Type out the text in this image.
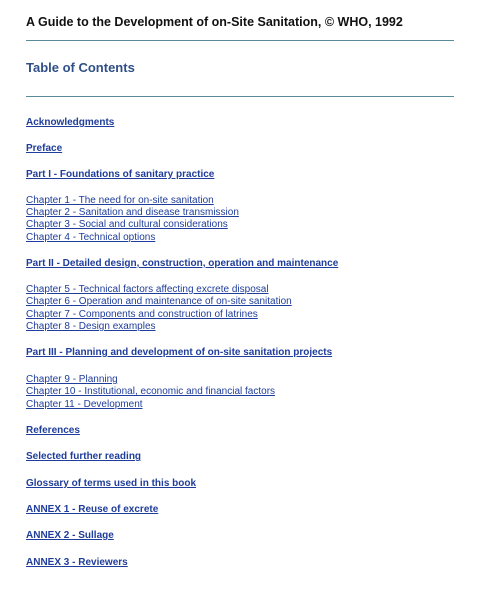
A Guide to the Development of on-Site Sanitation, © WHO, 1992
Table of Contents
Acknowledgments
Preface
Part I - Foundations of sanitary practice
Chapter 1 - The need for on-site sanitation
Chapter 2 - Sanitation and disease transmission
Chapter 3 - Social and cultural considerations
Chapter 4 - Technical options
Part II - Detailed design, construction, operation and maintenance
Chapter 5 - Technical factors affecting excrete disposal
Chapter 6 - Operation and maintenance of on-site sanitation
Chapter 7 - Components and construction of latrines
Chapter 8 - Design examples
Part III - Planning and development of on-site sanitation projects
Chapter 9 - Planning
Chapter 10 - Institutional, economic and financial factors
Chapter 11 - Development
References
Selected further reading
Glossary of terms used in this book
ANNEX 1 - Reuse of excrete
ANNEX 2 - Sullage
ANNEX 3 - Reviewers
